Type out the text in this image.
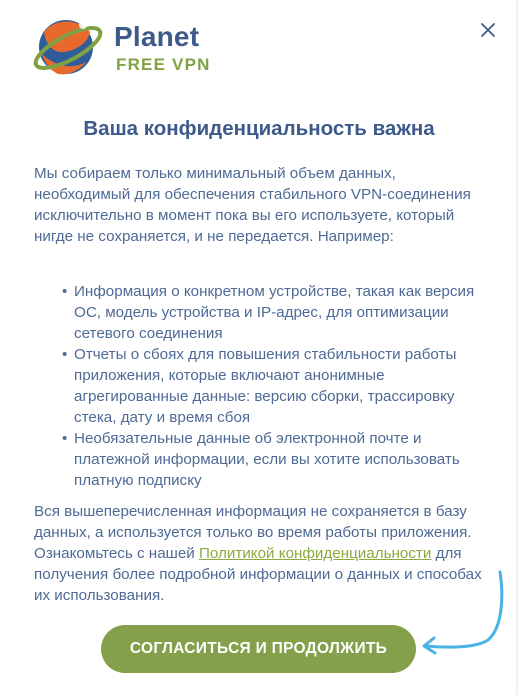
Planet
FREE VPN
Ваша конфиденциальность важна
Мы собираем только минимальный объем данных, необходимый для обеспечения стабильного VPN-соединения исключительно в момент пока вы его используете, который нигде не сохраняется, и не передается. Например:
• Информация о конкретном устройстве, такая как версия ОС, модель устройства и IP-адрес, для оптимизации сетевого соединения
• Отчеты о сбоях для повышения стабильности работы приложения, которые включают анонимные агрегированные данные: версию сборки, трассировку стека, дату и время сбоя
• Необязательные данные об электронной почте и платежной информации, если вы хотите использовать платную подписку
Вся вышеперечисленная информация не сохраняется в базу данных, а используется только во время работы приложения. Ознакомьтесь с нашей Политикой конфиденциальности для получения более подробной информации о данных и способах их использования.
СОГЛАСИТЬСЯ И ПРОДОЛЖИТЬ
